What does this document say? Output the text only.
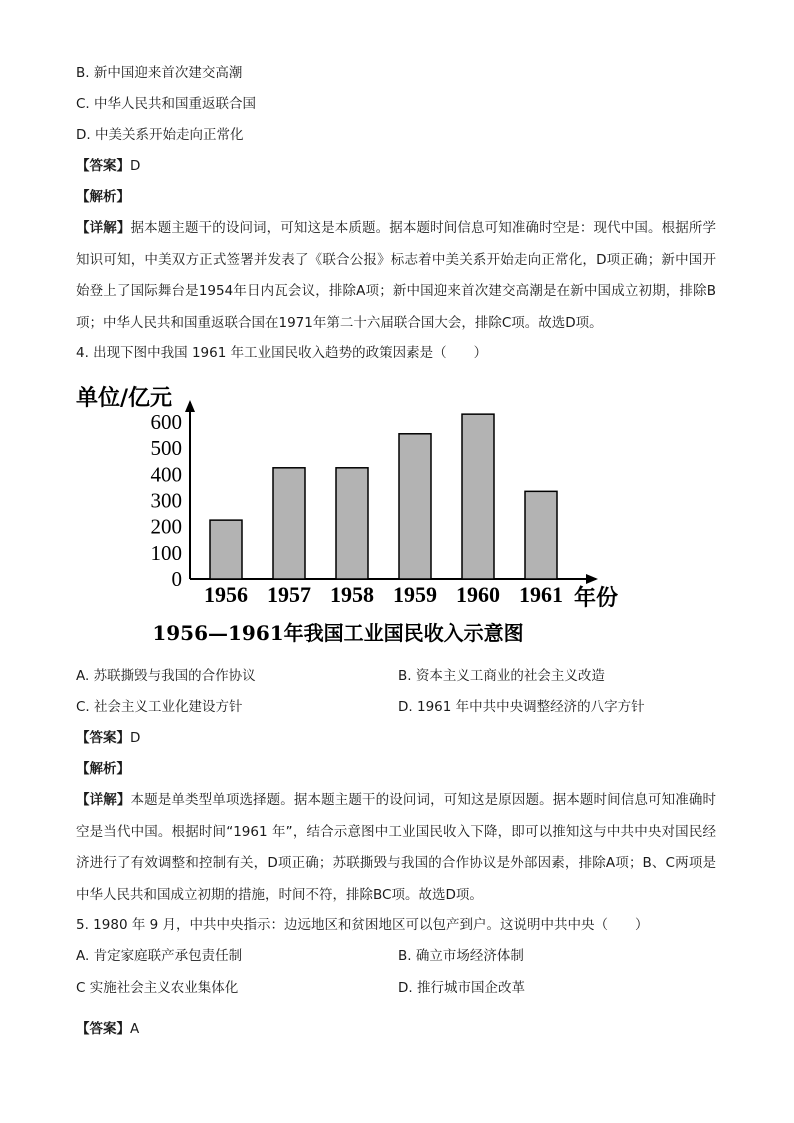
B. 新中国迎来首次建交高潮
C. 中华人民共和国重返联合国
D. 中美关系开始走向正常化
【答案】D
【解析】
【详解】据本题主题干的设问词，可知这是本质题。据本题时间信息可知准确时空是：现代中国。根据所学知识可知，中美双方正式签署并发表了《联合公报》标志着中美关系开始走向正常化，D项正确；新中国开始登上了国际舞台是1954年日内瓦会议，排除A项；新中国迎来首次建交高潮是在新中国成立初期，排除B项；中华人民共和国重返联合国在1971年第二十六届联合国大会，排除C项。故选D项。
4. 出现下图中我国 1961 年工业国民收入趋势的政策因素是（　　）
0
100
200
300
400
500
600
1956 1957 1958 1959 1960 1961
单位/亿元
年份
1956—1961年我国工业国民收入示意图
A. 苏联撕毁与我国的合作协议	B. 资本主义工商业的社会主义改造
C. 社会主义工业化建设方针	D. 1961 年中共中央调整经济的八字方针
【答案】D
【解析】
【详解】本题是单类型单项选择题。据本题主题干的设问词，可知这是原因题。据本题时间信息可知准确时空是当代中国。根据时间“1961 年”，结合示意图中工业国民收入下降，即可以推知这与中共中央对国民经济进行了有效调整和控制有关，D项正确；苏联撕毁与我国的合作协议是外部因素，排除A项；B、C两项是中华人民共和国成立初期的措施，时间不符，排除BC项。故选D项。
5. 1980 年 9 月，中共中央指示：边远地区和贫困地区可以包产到户。这说明中共中央（　　）
A. 肯定家庭联产承包责任制	B. 确立市场经济体制
C 实施社会主义农业集体化	D. 推行城市国企改革
【答案】A
